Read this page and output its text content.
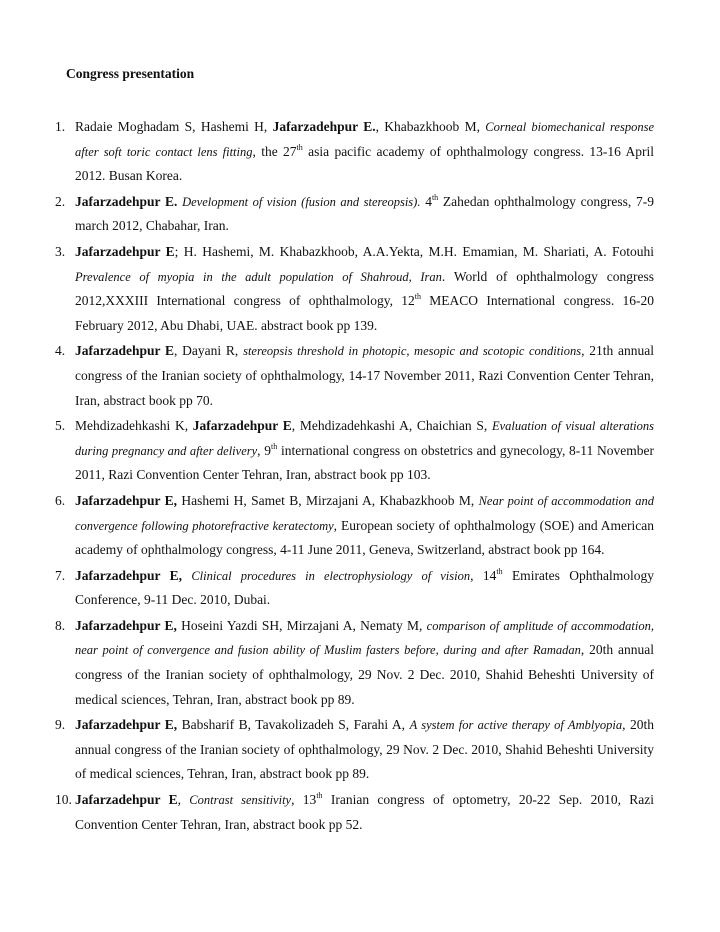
Congress presentation
1. Radaie Moghadam S, Hashemi H, Jafarzadehpur E., Khabazkhoob M, Corneal biomechanical response after soft toric contact lens fitting, the 27th asia pacific academy of ophthalmology congress. 13-16 April 2012. Busan Korea.
2. Jafarzadehpur E. Development of vision (fusion and stereopsis). 4th Zahedan ophthalmology congress, 7-9 march 2012, Chabahar, Iran.
3. Jafarzadehpur E; H. Hashemi, M. Khabazkhoob, A.A.Yekta, M.H. Emamian, M. Shariati, A. Fotouhi Prevalence of myopia in the adult population of Shahroud, Iran. World of ophthalmology congress 2012,XXXIII International congress of ophthalmology, 12th MEACO International congress. 16-20 February 2012, Abu Dhabi, UAE. abstract book pp 139.
4. Jafarzadehpur E, Dayani R, stereopsis threshold in photopic, mesopic and scotopic conditions, 21th annual congress of the Iranian society of ophthalmology, 14-17 November 2011, Razi Convention Center Tehran, Iran, abstract book pp 70.
5. Mehdizadehkashi K, Jafarzadehpur E, Mehdizadehkashi A, Chaichian S, Evaluation of visual alterations during pregnancy and after delivery, 9th international congress on obstetrics and gynecology, 8-11 November 2011, Razi Convention Center Tehran, Iran, abstract book pp 103.
6. Jafarzadehpur E, Hashemi H, Samet B, Mirzajani A, Khabazkhoob M, Near point of accommodation and convergence following photorefractive keratectomy, European society of ophthalmology (SOE) and American academy of ophthalmology congress, 4-11 June 2011, Geneva, Switzerland, abstract book pp 164.
7. Jafarzadehpur E, Clinical procedures in electrophysiology of vision, 14th Emirates Ophthalmology Conference, 9-11 Dec. 2010, Dubai.
8. Jafarzadehpur E, Hoseini Yazdi SH, Mirzajani A, Nematy M, comparison of amplitude of accommodation, near point of convergence and fusion ability of Muslim fasters before, during and after Ramadan, 20th annual congress of the Iranian society of ophthalmology, 29 Nov. 2 Dec. 2010, Shahid Beheshti University of medical sciences, Tehran, Iran, abstract book pp 89.
9. Jafarzadehpur E, Babsharif B, Tavakolizadeh S, Farahi A, A system for active therapy of Amblyopia, 20th annual congress of the Iranian society of ophthalmology, 29 Nov. 2 Dec. 2010, Shahid Beheshti University of medical sciences, Tehran, Iran, abstract book pp 89.
10. Jafarzadehpur E, Contrast sensitivity, 13th Iranian congress of optometry, 20-22 Sep. 2010, Razi Convention Center Tehran, Iran, abstract book pp 52.
